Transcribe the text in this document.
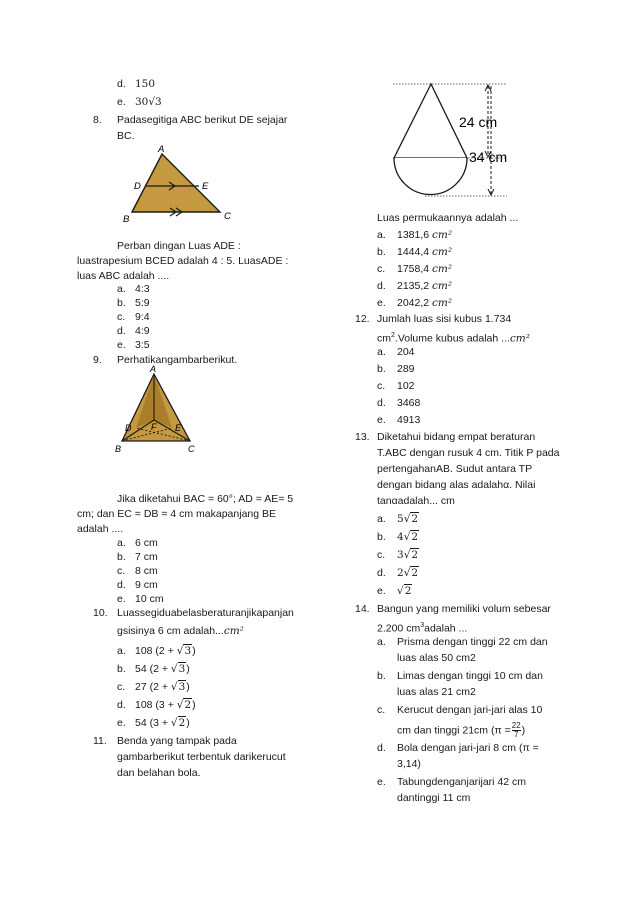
d. 150
e. 30√3
8. Padasegitiga ABC berikut DE sejajar
BC.
A
D	E
B	C
Perban dingan Luas ADE :
luastrapesium BCED adalah 4 : 5. LuasADE :
luas ABC adalah ....
a. 4:3
b. 5:9
c. 9:4
d. 4:9
e. 3:5
9. Perhatikangambarberikut.
A
D	E
F
B	C
Jika diketahui BAC = 60°; AD = AE= 5
cm; dan EC = DB = 4 cm makapanjang BE
adalah ....
a. 6 cm
b. 7 cm
c. 8 cm
d. 9 cm
e. 10 cm
10. Luassegiduabelasberaturanjikapanjan
gsisinya 6 cm adalah...cm²
a. 108 (2 + √3)
b. 54 (2 + √3)
c. 27 (2 + √3)
d. 108 (3 + √2)
e. 54 (3 + √2)
11. Benda yang tampak pada
gambarberikut terbentuk darikerucut
dan belahan bola.
24 cm
34 cm
Luas permukaannya adalah ...
a. 1381,6 cm²
b. 1444,4 cm²
c. 1758,4 cm²
d. 2135,2 cm²
e. 2042,2 cm²
12. Jumlah luas sisi kubus 1.734
$cm^2.Volume$ kubus adalah ...cm²
a. 204
b. 289
c. 102
d. 3468
e. 4913
13. Diketahui bidang empat beraturan
T.ABC dengan rusuk 4 cm. Titik P pada
pertengahanAB. Sudut antara TP
dengan bidang alas adalahα. Nilai
tanαadalah... cm
a. 5√2
b. 4√2
c. 3√2
d. 2√2
e. √2
14. Bangun yang memiliki volum sebesar
2.200 $cm^3adalah$ ...
a. Prisma dengan tinggi 22 cm dan
luas alas 50 cm2
b. Limas dengan tinggi 10 cm dan
luas alas 21 cm2
c. Kerucut dengan jari-jari alas 10
cm dan tinggi 21cm ($\pi = \frac{22}{7}$ )
d. Bola dengan jari-jari 8 cm (π =
3,14)
e. Tabungdenganjarijari 42 cm
dantinggi 11 cm
